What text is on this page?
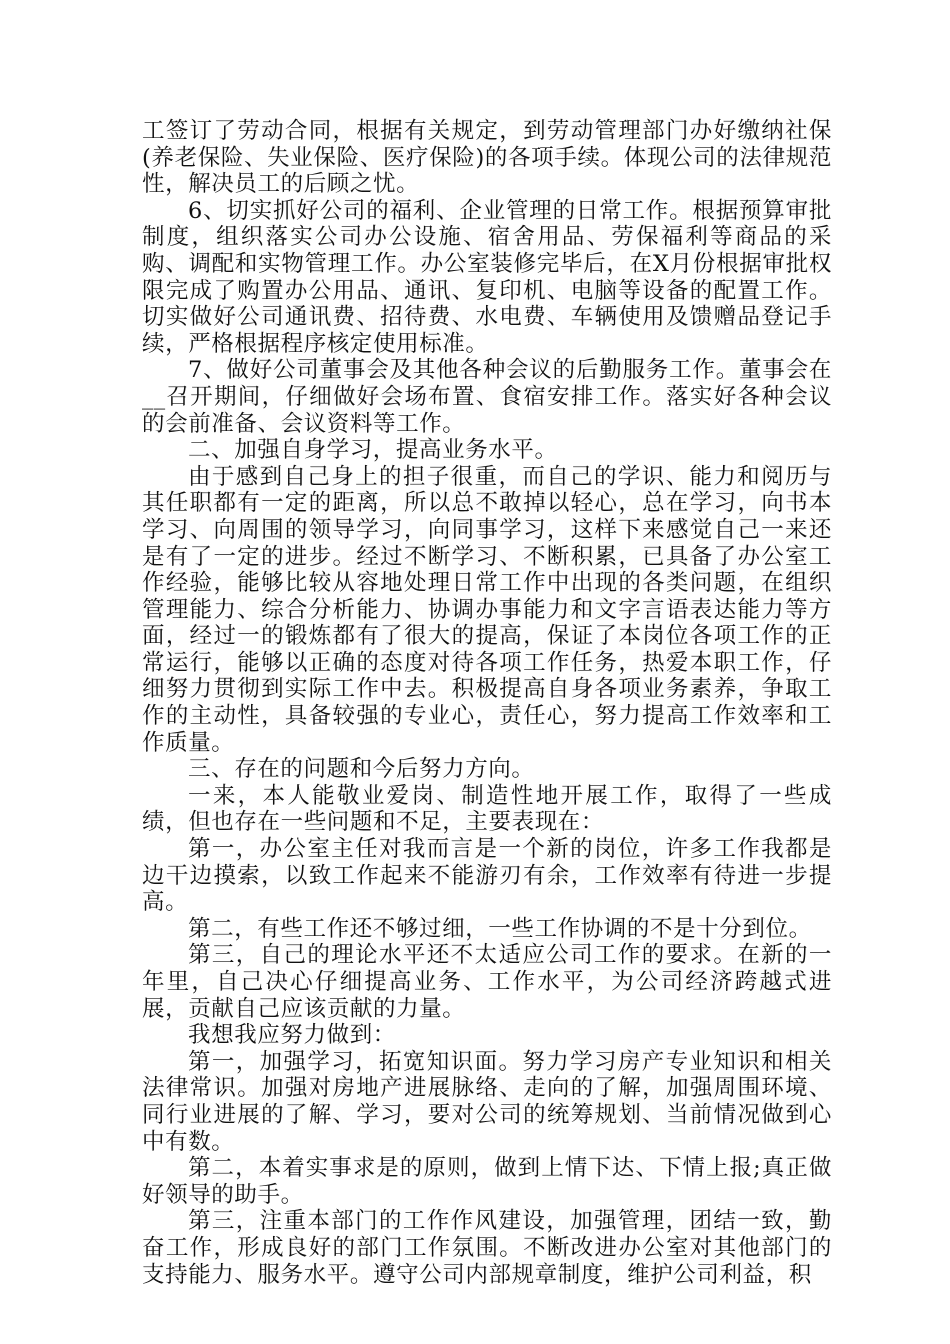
工签订了劳动合同，根据有关规定，到劳动管理部门办好缴纳社保(养老保险、失业保险、医疗保险)的各项手续。体现公司的法律规范性，解决员工的后顾之忧。

6、切实抓好公司的福利、企业管理的日常工作。根据预算审批制度，组织落实公司办公设施、宿舍用品、劳保福利等商品的采购、调配和实物管理工作。办公室装修完毕后，在X月份根据审批权限完成了购置办公用品、通讯、复印机、电脑等设备的配置工作。切实做好公司通讯费、招待费、水电费、车辆使用及馈赠品登记手续，严格根据程序核定使用标准。

7、做好公司董事会及其他各种会议的后勤服务工作。董事会在__召开期间，仔细做好会场布置、食宿安排工作。落实好各种会议的会前准备、会议资料等工作。

二、加强自身学习，提高业务水平。

由于感到自己身上的担子很重，而自己的学识、能力和阅历与其任职都有一定的距离，所以总不敢掉以轻心，总在学习，向书本学习、向周围的领导学习，向同事学习，这样下来感觉自己一来还是有了一定的进步。经过不断学习、不断积累，已具备了办公室工作经验，能够比较从容地处理日常工作中出现的各类问题，在组织管理能力、综合分析能力、协调办事能力和文字言语表达能力等方面，经过一的锻炼都有了很大的提高，保证了本岗位各项工作的正常运行，能够以正确的态度对待各项工作任务，热爱本职工作，仔细努力贯彻到实际工作中去。积极提高自身各项业务素养，争取工作的主动性，具备较强的专业心，责任心，努力提高工作效率和工作质量。

三、存在的问题和今后努力方向。

一来，本人能敬业爱岗、制造性地开展工作，取得了一些成绩，但也存在一些问题和不足，主要表现在：

第一，办公室主任对我而言是一个新的岗位，许多工作我都是边干边摸索，以致工作起来不能游刃有余，工作效率有待进一步提高。

第二，有些工作还不够过细，一些工作协调的不是十分到位。

第三，自己的理论水平还不太适应公司工作的要求。在新的一年里，自己决心仔细提高业务、工作水平，为公司经济跨越式进展，贡献自己应该贡献的力量。

我想我应努力做到：

第一，加强学习，拓宽知识面。努力学习房产专业知识和相关法律常识。加强对房地产进展脉络、走向的了解，加强周围环境、同行业进展的了解、学习，要对公司的统筹规划、当前情况做到心中有数。

第二，本着实事求是的原则，做到上情下达、下情上报;真正做好领导的助手。

第三，注重本部门的工作作风建设，加强管理，团结一致，勤奋工作，形成良好的部门工作氛围。不断改进办公室对其他部门的支持能力、服务水平。遵守公司内部规章制度，维护公司利益，积
